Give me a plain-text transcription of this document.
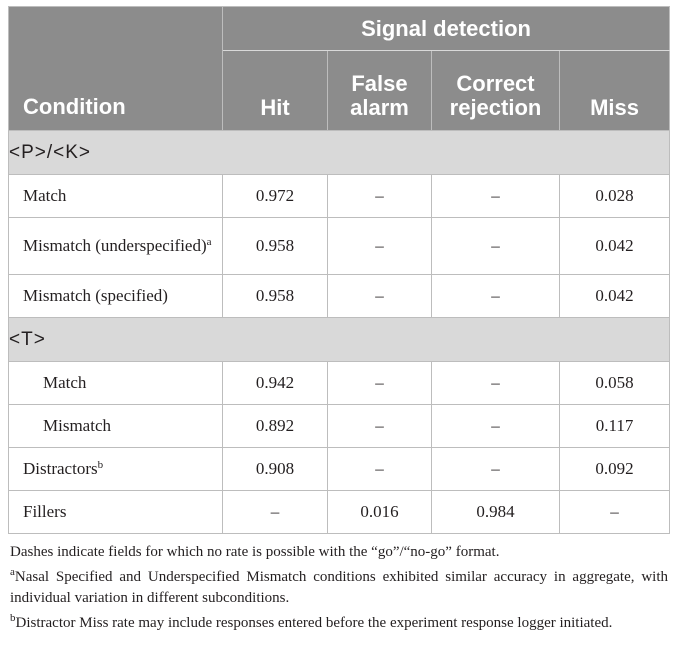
Condition	Signal detection			
	Hit	False alarm	Correct rejection	Miss
<P>/<K>				
Match	0.972	–	–	0.028
Mismatch (underspecified)$^a$	0.958	–	–	0.042
Mismatch (specified)	0.958	–	–	0.042
<T>				
Match	0.942	–	–	0.058
Mismatch	0.892	–	–	0.117
Distractors$^b$	0.908	–	–	0.092
Fillers	–	0.016	0.984	–

Dashes indicate fields for which no rate is possible with the “go”/“no-go” format.

$^a$Nasal Specified and Underspecified Mismatch conditions exhibited similar accuracy in aggregate, with individual variation in different subconditions.

$^b$Distractor Miss rate may include responses entered before the experiment response logger initiated.
